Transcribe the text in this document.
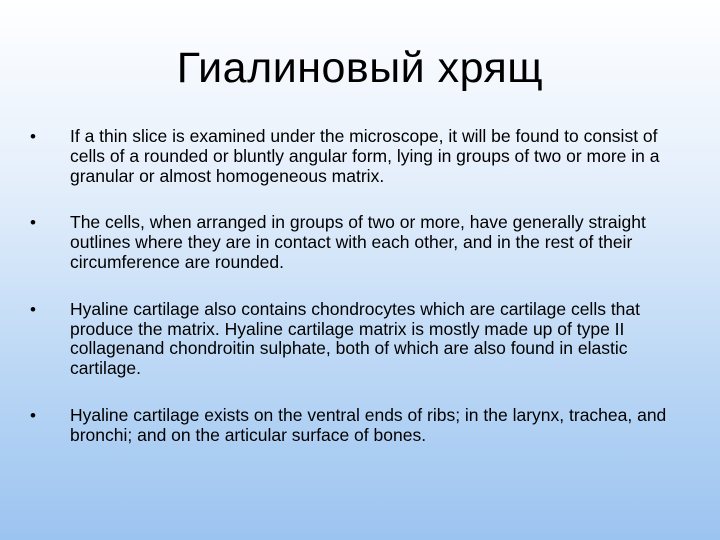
Гиалиновый хрящ
•	If a thin slice is examined under the microscope, it will be found to consist of cells of a rounded or bluntly angular form, lying in groups of two or more in a granular or almost homogeneous matrix.
•	The cells, when arranged in groups of two or more, have generally straight outlines where they are in contact with each other, and in the rest of their circumference are rounded.
•	Hyaline cartilage also contains chondrocytes which are cartilage cells that produce the matrix. Hyaline cartilage matrix is mostly made up of type II collagenand chondroitin sulphate, both of which are also found in elastic cartilage.
•	Hyaline cartilage exists on the ventral ends of ribs; in the larynx, trachea, and bronchi; and on the articular surface of bones.
